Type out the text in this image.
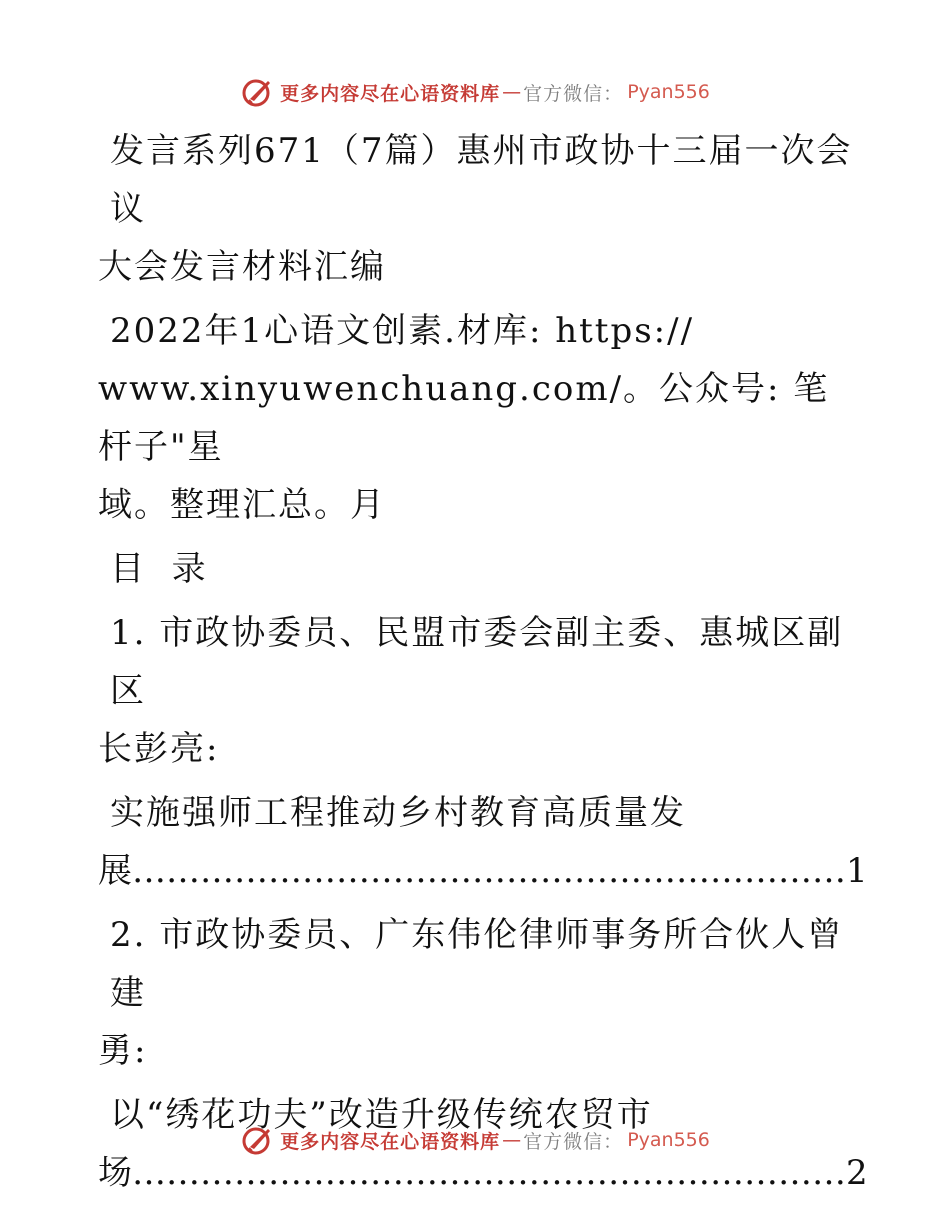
更多内容尽在心语资料库 — 官方微信： Pyan556

发言系列671（7篇）惠州市政协十三届一次会议

大会发言材料汇编

2022年1心语文创素.材库: https://

www.xinyuwenchuang.com/。公众号: 笔杆子"星

域。整理汇总。月

目  录

1. 市政协委员、民盟市委会副主委、惠城区副区

长彭亮:

实施强师工程推动乡村教育高质量发

展………………………………………………………1

2. 市政协委员、广东伟伦律师事务所合伙人曾建

勇:

以“绣花功夫”改造升级传统农贸市

场………………………………………………………2

更多内容尽在心语资料库 — 官方微信： Pyan556
